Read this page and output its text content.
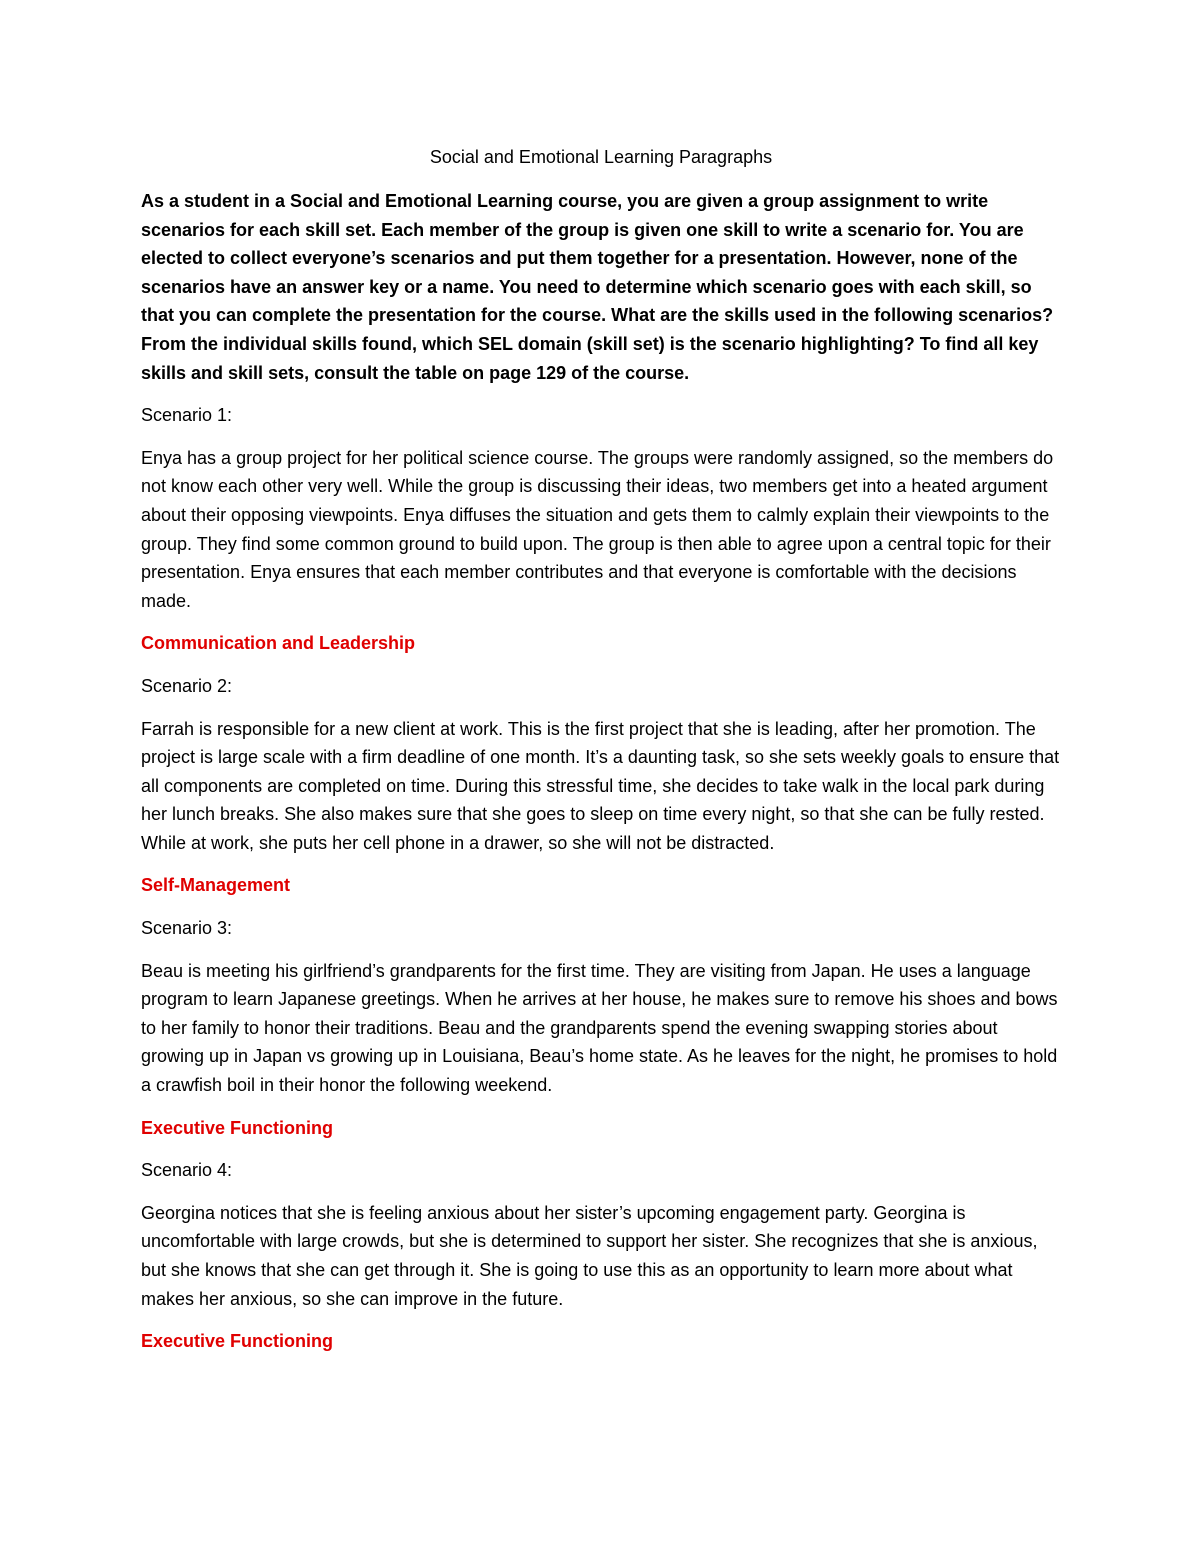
Social and Emotional Learning Paragraphs
As a student in a Social and Emotional Learning course, you are given a group assignment to write scenarios for each skill set. Each member of the group is given one skill to write a scenario for. You are elected to collect everyone’s scenarios and put them together for a presentation. However, none of the scenarios have an answer key or a name. You need to determine which scenario goes with each skill, so that you can complete the presentation for the course. What are the skills used in the following scenarios? From the individual skills found, which SEL domain (skill set) is the scenario highlighting? To find all key skills and skill sets, consult the table on page 129 of the course.
Scenario 1:
Enya has a group project for her political science course. The groups were randomly assigned, so the members do not know each other very well. While the group is discussing their ideas, two members get into a heated argument about their opposing viewpoints. Enya diffuses the situation and gets them to calmly explain their viewpoints to the group. They find some common ground to build upon. The group is then able to agree upon a central topic for their presentation. Enya ensures that each member contributes and that everyone is comfortable with the decisions made.
Communication and Leadership
Scenario 2:
Farrah is responsible for a new client at work. This is the first project that she is leading, after her promotion. The project is large scale with a firm deadline of one month. It’s a daunting task, so she sets weekly goals to ensure that all components are completed on time. During this stressful time, she decides to take walk in the local park during her lunch breaks. She also makes sure that she goes to sleep on time every night, so that she can be fully rested. While at work, she puts her cell phone in a drawer, so she will not be distracted.
Self-Management
Scenario 3:
Beau is meeting his girlfriend’s grandparents for the first time. They are visiting from Japan. He uses a language program to learn Japanese greetings. When he arrives at her house, he makes sure to remove his shoes and bows to her family to honor their traditions. Beau and the grandparents spend the evening swapping stories about growing up in Japan vs growing up in Louisiana, Beau’s home state. As he leaves for the night, he promises to hold a crawfish boil in their honor the following weekend.
Executive Functioning
Scenario 4:
Georgina notices that she is feeling anxious about her sister’s upcoming engagement party. Georgina is uncomfortable with large crowds, but she is determined to support her sister. She recognizes that she is anxious, but she knows that she can get through it. She is going to use this as an opportunity to learn more about what makes her anxious, so she can improve in the future.
Executive Functioning
